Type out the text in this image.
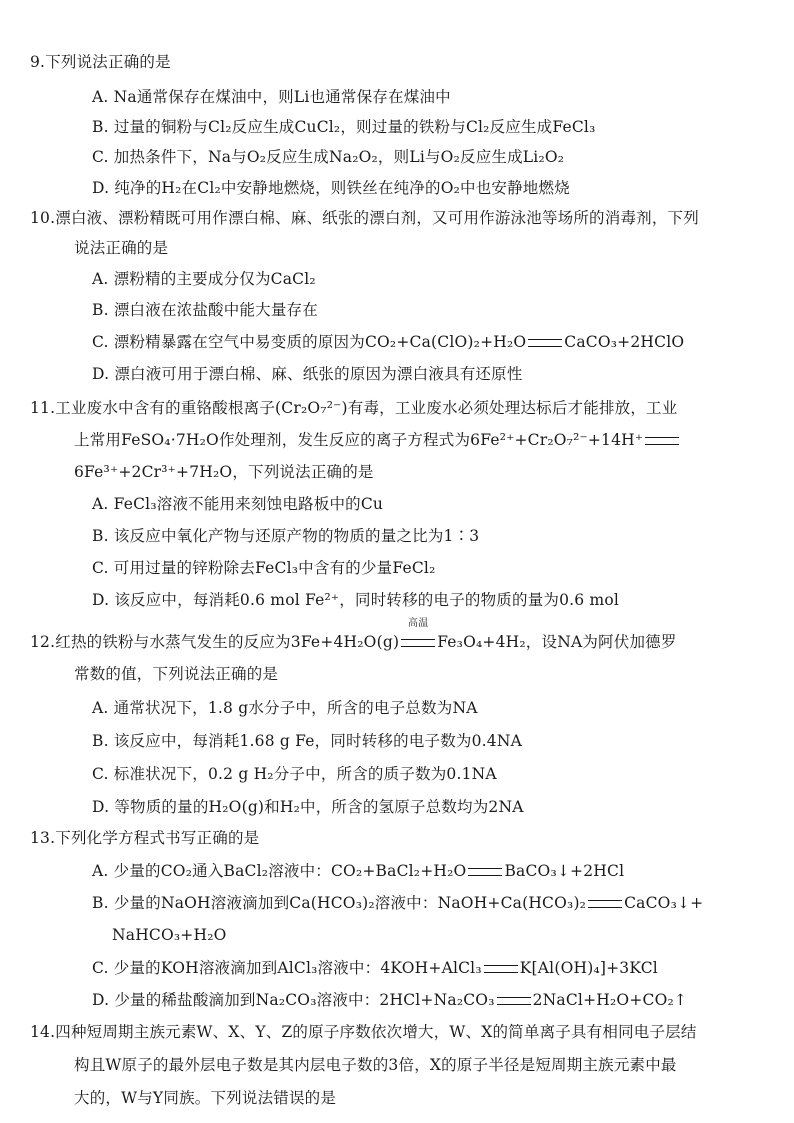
9.下列说法正确的是
A. Na通常保存在煤油中，则Li也通常保存在煤油中
B. 过量的铜粉与Cl₂反应生成CuCl₂，则过量的铁粉与Cl₂反应生成FeCl₃
C. 加热条件下，Na与O₂反应生成Na₂O₂，则Li与O₂反应生成Li₂O₂
D. 纯净的H₂在Cl₂中安静地燃烧，则铁丝在纯净的O₂中也安静地燃烧
10.漂白液、漂粉精既可用作漂白棉、麻、纸张的漂白剂，又可用作游泳池等场所的消毒剂，下列
说法正确的是
A. 漂粉精的主要成分仅为CaCl₂
B. 漂白液在浓盐酸中能大量存在
C. 漂粉精暴露在空气中易变质的原因为CO₂+Ca(ClO)₂+H₂O CaCO₃+2HClO
D. 漂白液可用于漂白棉、麻、纸张的原因为漂白液具有还原性
11.工业废水中含有的重铬酸根离子(Cr₂O₇²⁻)有毒，工业废水必须处理达标后才能排放，工业
上常用FeSO₄·7H₂O作处理剂，发生反应的离子方程式为6Fe²⁺+Cr₂O₇²⁻+14H⁺
6Fe³⁺+2Cr³⁺+7H₂O，下列说法正确的是
A. FeCl₃溶液不能用来刻蚀电路板中的Cu
B. 该反应中氧化产物与还原产物的物质的量之比为1∶3
C. 可用过量的锌粉除去FeCl₃中含有的少量FeCl₂
D. 该反应中，每消耗0.6 mol Fe²⁺，同时转移的电子的物质的量为0.6 mol
12.红热的铁粉与水蒸气发生的反应为3Fe+4H₂O(g)
高温
Fe₃O₄+4H₂，设NA为阿伏加德罗
常数的值，下列说法正确的是
A. 通常状况下，1.8 g水分子中，所含的电子总数为NA
B. 该反应中，每消耗1.68 g Fe，同时转移的电子数为0.4NA
C. 标准状况下，0.2 g H₂分子中，所含的质子数为0.1NA
D. 等物质的量的H₂O(g)和H₂中，所含的氢原子总数均为2NA
13.下列化学方程式书写正确的是
A. 少量的CO₂通入BaCl₂溶液中：CO₂+BaCl₂+H₂O BaCO₃↓+2HCl
B. 少量的NaOH溶液滴加到Ca(HCO₃)₂溶液中：NaOH+Ca(HCO₃)₂ CaCO₃↓+
NaHCO₃+H₂O
C. 少量的KOH溶液滴加到AlCl₃溶液中：4KOH+AlCl₃ K[Al(OH)₄]+3KCl
D. 少量的稀盐酸滴加到Na₂CO₃溶液中：2HCl+Na₂CO₃ 2NaCl+H₂O+CO₂↑
14.四种短周期主族元素W、X、Y、Z的原子序数依次增大，W、X的简单离子具有相同电子层结
构且W原子的最外层电子数是其内层电子数的3倍，X的原子半径是短周期主族元素中最
大的，W与Y同族。下列说法错误的是
